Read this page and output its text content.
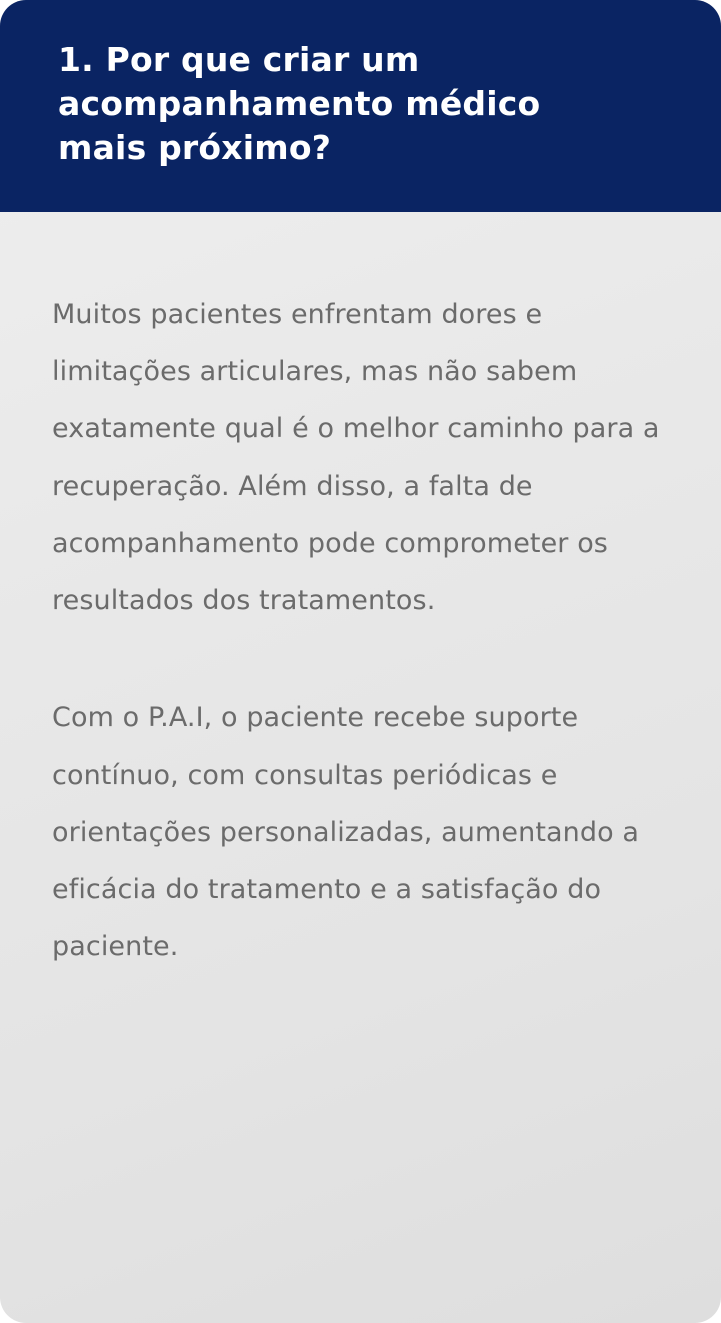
1. Por que criar um acompanhamento médico mais próximo?

Muitos pacientes enfrentam dores e limitações articulares, mas não sabem exatamente qual é o melhor caminho para a recuperação. Além disso, a falta de acompanhamento pode comprometer os resultados dos tratamentos.

Com o P.A.I, o paciente recebe suporte contínuo, com consultas periódicas e orientações personalizadas, aumentando a eficácia do tratamento e a satisfação do paciente.
